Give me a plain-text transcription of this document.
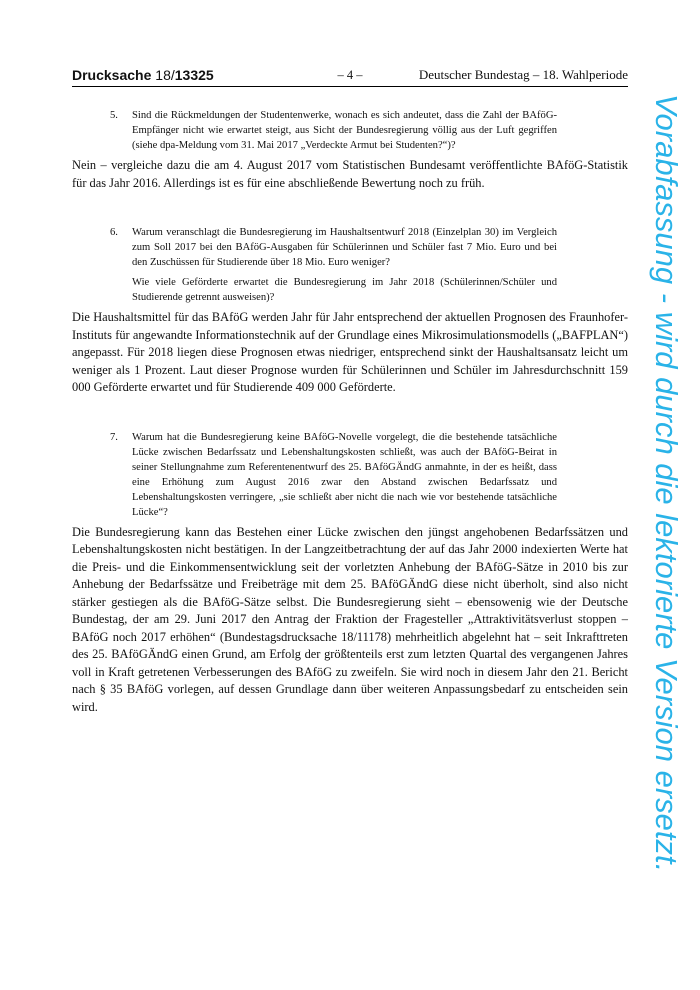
Drucksache 18/13325	– 4 –	Deutscher Bundestag – 18. Wahlperiode
Vorabfassung - wird durch die lektorierte Version ersetzt.
5. Sind die Rückmeldungen der Studentenwerke, wonach es sich andeutet, dass die Zahl der BAföG-Empfänger nicht wie erwartet steigt, aus Sicht der Bundesregierung völlig aus der Luft gegriffen (siehe dpa-Meldung vom 31. Mai 2017 „Verdeckte Armut bei Studenten?“)?

Nein – vergleiche dazu die am 4. August 2017 vom Statistischen Bundesamt veröffentlichte BAföG-Statistik für das Jahr 2016. Allerdings ist es für eine abschließende Bewertung noch zu früh.

6. Warum veranschlagt die Bundesregierung im Haushaltsentwurf 2018 (Einzelplan 30) im Vergleich zum Soll 2017 bei den BAföG-Ausgaben für Schülerinnen und Schüler fast 7 Mio. Euro und bei den Zuschüssen für Studierende über 18 Mio. Euro weniger?

Wie viele Geförderte erwartet die Bundesregierung im Jahr 2018 (Schülerinnen/Schüler und Studierende getrennt ausweisen)?

Die Haushaltsmittel für das BAföG werden Jahr für Jahr entsprechend der aktuellen Prognosen des Fraunhofer-Instituts für angewandte Informationstechnik auf der Grundlage eines Mikrosimulationsmodells („BAFPLAN“) angepasst. Für 2018 liegen diese Prognosen etwas niedriger, entsprechend sinkt der Haushaltsansatz leicht um weniger als 1 Prozent. Laut dieser Prognose wurden für Schülerinnen und Schüler im Jahresdurchschnitt 159 000 Geförderte erwartet und für Studierende 409 000 Geförderte.

7. Warum hat die Bundesregierung keine BAföG-Novelle vorgelegt, die die bestehende tatsächliche Lücke zwischen Bedarfssatz und Lebenshaltungskosten schließt, was auch der BAföG-Beirat in seiner Stellungnahme zum Referentenentwurf des 25. BAföGÄndG anmahnte, in der es heißt, dass eine Erhöhung zum August 2016 zwar den Abstand zwischen Bedarfssatz und Lebenshaltungskosten verringere, „sie schließt aber nicht die nach wie vor bestehende tatsächliche Lücke“?

Die Bundesregierung kann das Bestehen einer Lücke zwischen den jüngst angehobenen Bedarfssätzen und Lebenshaltungskosten nicht bestätigen. In der Langzeitbetrachtung der auf das Jahr 2000 indexierten Werte hat die Preis- und die Einkommensentwicklung seit der vorletzten Anhebung der BAföG-Sätze in 2010 bis zur Anhebung der Bedarfssätze und Freibeträge mit dem 25. BAföGÄndG diese nicht überholt, sind also nicht stärker gestiegen als die BAföG-Sätze selbst. Die Bundesregierung sieht – ebensowenig wie der Deutsche Bundestag, der am 29. Juni 2017 den Antrag der Fraktion der Fragesteller „Attraktivitätsverlust stoppen – BAföG noch 2017 erhöhen“ (Bundestagsdrucksache 18/11178) mehrheitlich abgelehnt hat – seit Inkrafttreten des 25. BAföGÄndG einen Grund, am Erfolg der größtenteils erst zum letzten Quartal des vergangenen Jahres voll in Kraft getretenen Verbesserungen des BAföG zu zweifeln. Sie wird noch in diesem Jahr den 21. Bericht nach § 35 BAföG vorlegen, auf dessen Grundlage dann über weiteren Anpassungsbedarf zu entscheiden sein wird.
